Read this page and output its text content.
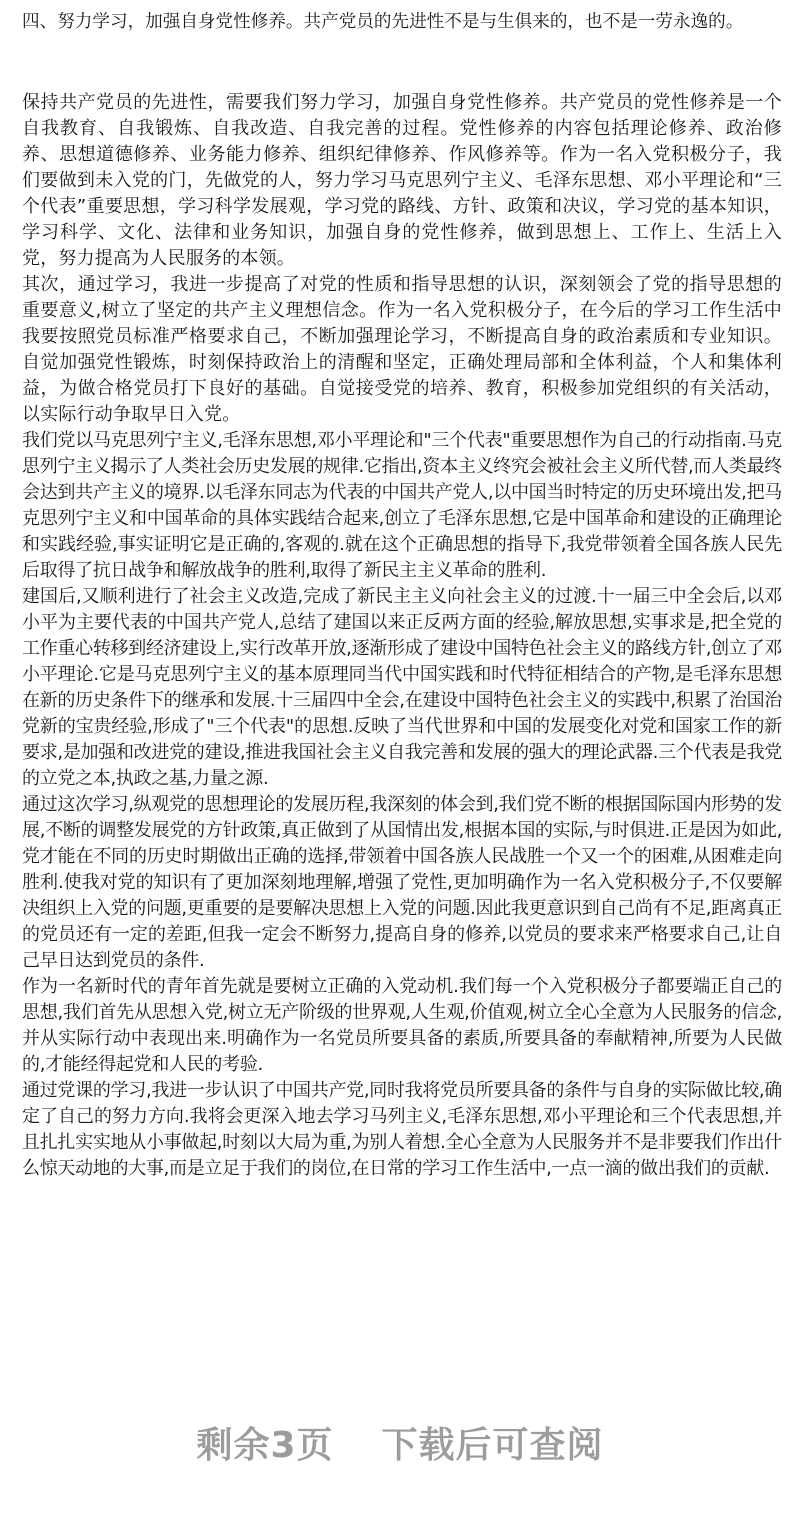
四、努力学习，加强自身党性修养。共产党员的先进性不是与生俱来的，也不是一劳永逸的。

保持共产党员的先进性，需要我们努力学习，加强自身党性修养。共产党员的党性修养是一个自我教育、自我锻炼、自我改造、自我完善的过程。党性修养的内容包括理论修养、政治修养、思想道德修养、业务能力修养、组织纪律修养、作风修养等。作为一名入党积极分子，我们要做到未入党的门，先做党的人，努力学习马克思列宁主义、毛泽东思想、邓小平理论和“三个代表”重要思想，学习科学发展观，学习党的路线、方针、政策和决议，学习党的基本知识，学习科学、文化、法律和业务知识，加强自身的党性修养，做到思想上、工作上、生活上入党，努力提高为人民服务的本领。

其次，通过学习，我进一步提高了对党的性质和指导思想的认识，深刻领会了党的指导思想的重要意义,树立了坚定的共产主义理想信念。作为一名入党积极分子，在今后的学习工作生活中我要按照党员标准严格要求自己，不断加强理论学习，不断提高自身的政治素质和专业知识。自觉加强党性锻炼，时刻保持政治上的清醒和坚定，正确处理局部和全体利益，个人和集体利益，为做合格党员打下良好的基础。自觉接受党的培养、教育，积极参加党组织的有关活动，以实际行动争取早日入党。

我们党以马克思列宁主义,毛泽东思想,邓小平理论和"三个代表"重要思想作为自己的行动指南.马克思列宁主义揭示了人类社会历史发展的规律.它指出,资本主义终究会被社会主义所代替,而人类最终会达到共产主义的境界.以毛泽东同志为代表的中国共产党人,以中国当时特定的历史环境出发,把马克思列宁主义和中国革命的具体实践结合起来,创立了毛泽东思想,它是中国革命和建设的正确理论和实践经验,事实证明它是正确的,客观的.就在这个正确思想的指导下,我党带领着全国各族人民先后取得了抗日战争和解放战争的胜利,取得了新民主主义革命的胜利.

建国后,又顺利进行了社会主义改造,完成了新民主主义向社会主义的过渡.十一届三中全会后,以邓小平为主要代表的中国共产党人,总结了建国以来正反两方面的经验,解放思想,实事求是,把全党的工作重心转移到经济建设上,实行改革开放,逐渐形成了建设中国特色社会主义的路线方针,创立了邓小平理论.它是马克思列宁主义的基本原理同当代中国实践和时代特征相结合的产物,是毛泽东思想在新的历史条件下的继承和发展.十三届四中全会,在建设中国特色社会主义的实践中,积累了治国治党新的宝贵经验,形成了"三个代表"的思想.反映了当代世界和中国的发展变化对党和国家工作的新要求,是加强和改进党的建设,推进我国社会主义自我完善和发展的强大的理论武器.三个代表是我党的立党之本,执政之基,力量之源.

通过这次学习,纵观党的思想理论的发展历程,我深刻的体会到,我们党不断的根据国际国内形势的发展,不断的调整发展党的方针政策,真正做到了从国情出发,根据本国的实际,与时俱进.正是因为如此,党才能在不同的历史时期做出正确的选择,带领着中国各族人民战胜一个又一个的困难,从困难走向胜利.使我对党的知识有了更加深刻地理解,增强了党性,更加明确作为一名入党积极分子,不仅要解决组织上入党的问题,更重要的是要解决思想上入党的问题.因此我更意识到自己尚有不足,距离真正的党员还有一定的差距,但我一定会不断努力,提高自身的修养,以党员的要求来严格要求自己,让自己早日达到党员的条件.

作为一名新时代的青年首先就是要树立正确的入党动机.我们每一个入党积极分子都要端正自己的思想,我们首先从思想入党,树立无产阶级的世界观,人生观,价值观,树立全心全意为人民服务的信念,并从实际行动中表现出来.明确作为一名党员所要具备的素质,所要具备的奉献精神,所要为人民做的,才能经得起党和人民的考验.

通过党课的学习,我进一步认识了中国共产党,同时我将党员所要具备的条件与自身的实际做比较,确定了自己的努力方向.我将会更深入地去学习马列主义,毛泽东思想,邓小平理论和三个代表思想,并且扎扎实实地从小事做起,时刻以大局为重,为别人着想.全心全意为人民服务并不是非要我们作出什么惊天动地的大事,而是立足于我们的岗位,在日常的学习工作生活中,一点一滴的做出我们的贡献.

剩余3页 下载后可查阅
